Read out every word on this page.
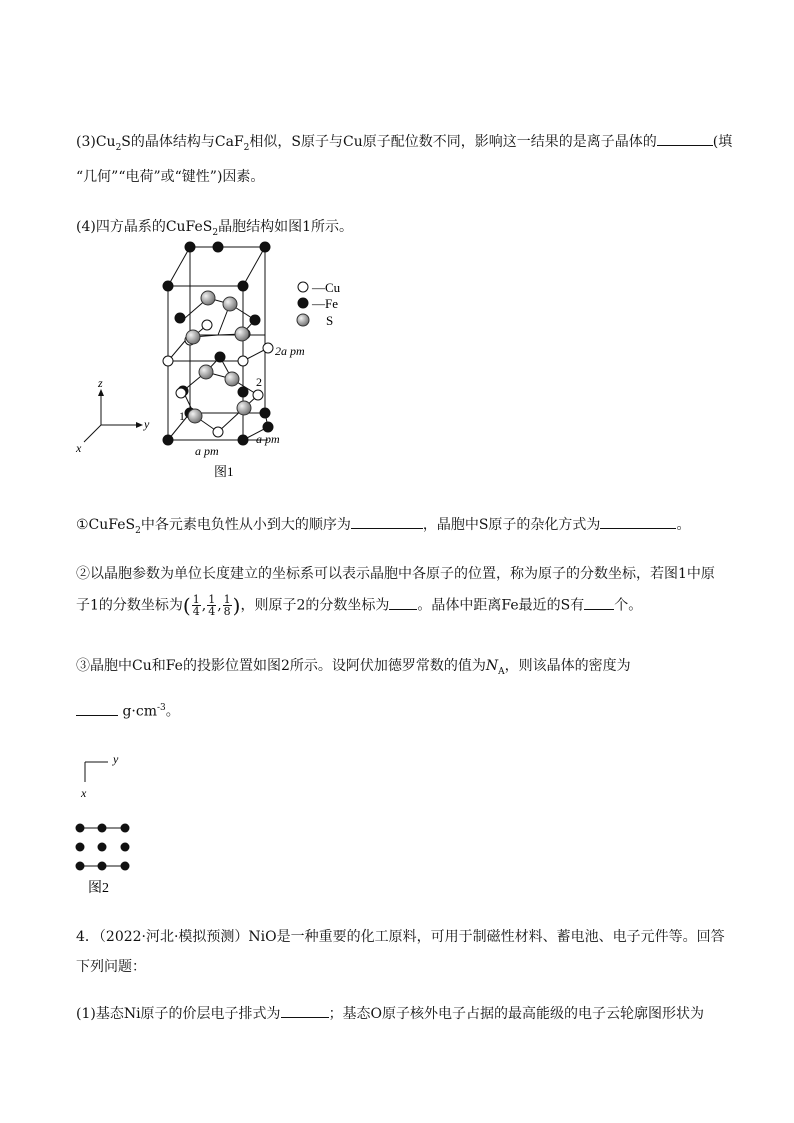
$(3)Cu_2S$的晶体结构与CaF$_2$相似，S原子与Cu原子配位数不同，影响这一结果的是离子晶体的	(填
“几何”“电荷”或“键性”)因素。
(4)四方晶系的CuFeS$_2$晶胞结构如图1所示。
—Cu
—Fe
S
2a pm
a pm
a pm
1
2
z
y
x
图1
①CuFeS$_2$中各元素电负性从小到大的顺序为	，晶胞中S原子的杂化方式为	。
②以晶胞参数为单位长度建立的坐标系可以表示晶胞中各原子的位置，称为原子的分数坐标，若图1中原
子1的分数坐标为( $\frac{1}{4}$ , $\frac{1}{4}$ , $\frac{1}{8}$ )，则原子2的分数坐标为 。晶体中距离Fe最近的S有 个。
③晶胞中Cu和Fe的投影位置如图2所示。设阿伏加德罗常数的值为$N_A$，则该晶体的密度为
$g\cdot cm^{-3}$。
y
x
图2
4．（2022·河北·模拟预测）NiO是一种重要的化工原料，可用于制磁性材料、蓄电池、电子元件等。回答
下列问题：
(1)基态Ni原子的价层电子排式为	；基态O原子核外电子占据的最高能级的电子云轮廓图形状为
